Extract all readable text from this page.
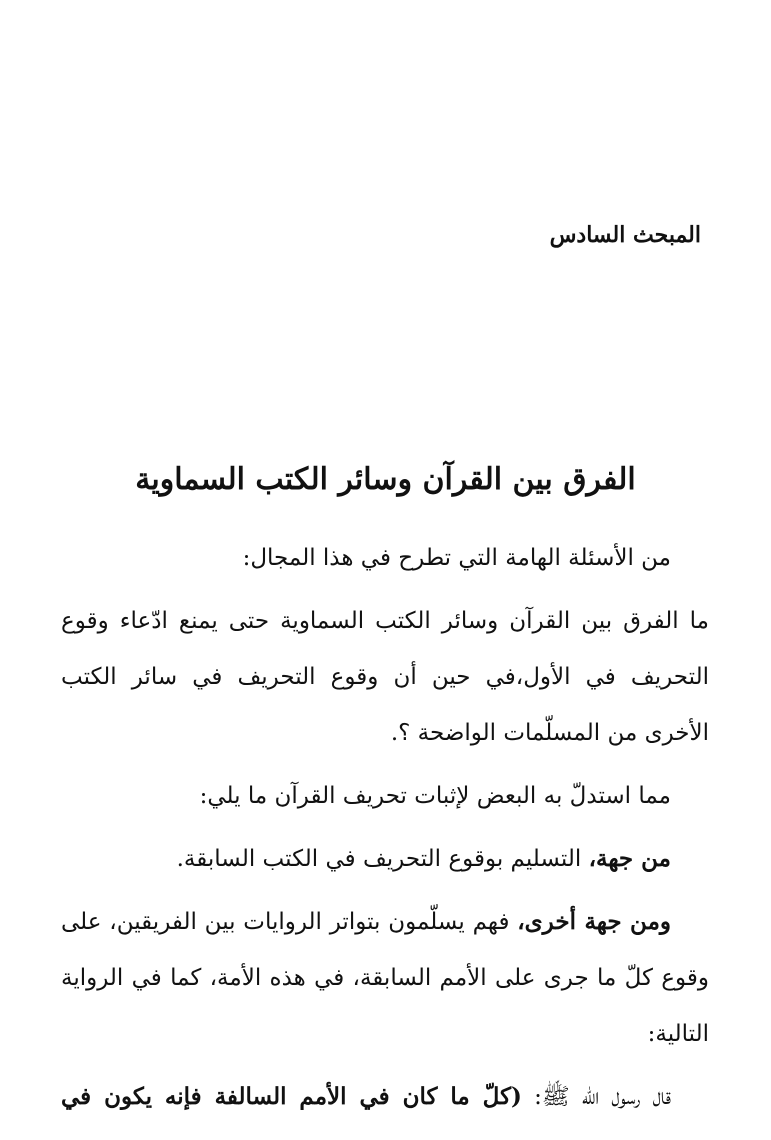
المبحث السادس
الفرق بين القرآن وسائر الكتب السماوية

من الأسئلة الهامة التي تطرح في هذا المجال:

ما الفرق بين القرآن وسائر الكتب السماوية حتى يمنع ادّعاء وقوع التحريف في الأول،في حين أن وقوع التحريف في سائر الكتب الأخرى من المسلّمات الواضحة ؟.

مما استدلّ به البعض لإثبات تحريف القرآن ما يلي:

من جهة، التسليم بوقوع التحريف في الكتب السابقة.

ومن جهة أخرى، فهم يسلّمون بتواتر الروايات بين الفريقين، على وقوع كلّ ما جرى على الأمم السابقة، في هذه الأمة، كما في الرواية التالية:

قال رسول الله ﷺ: (كلّ ما كان في الأمم السالفة فإنه يكون في
